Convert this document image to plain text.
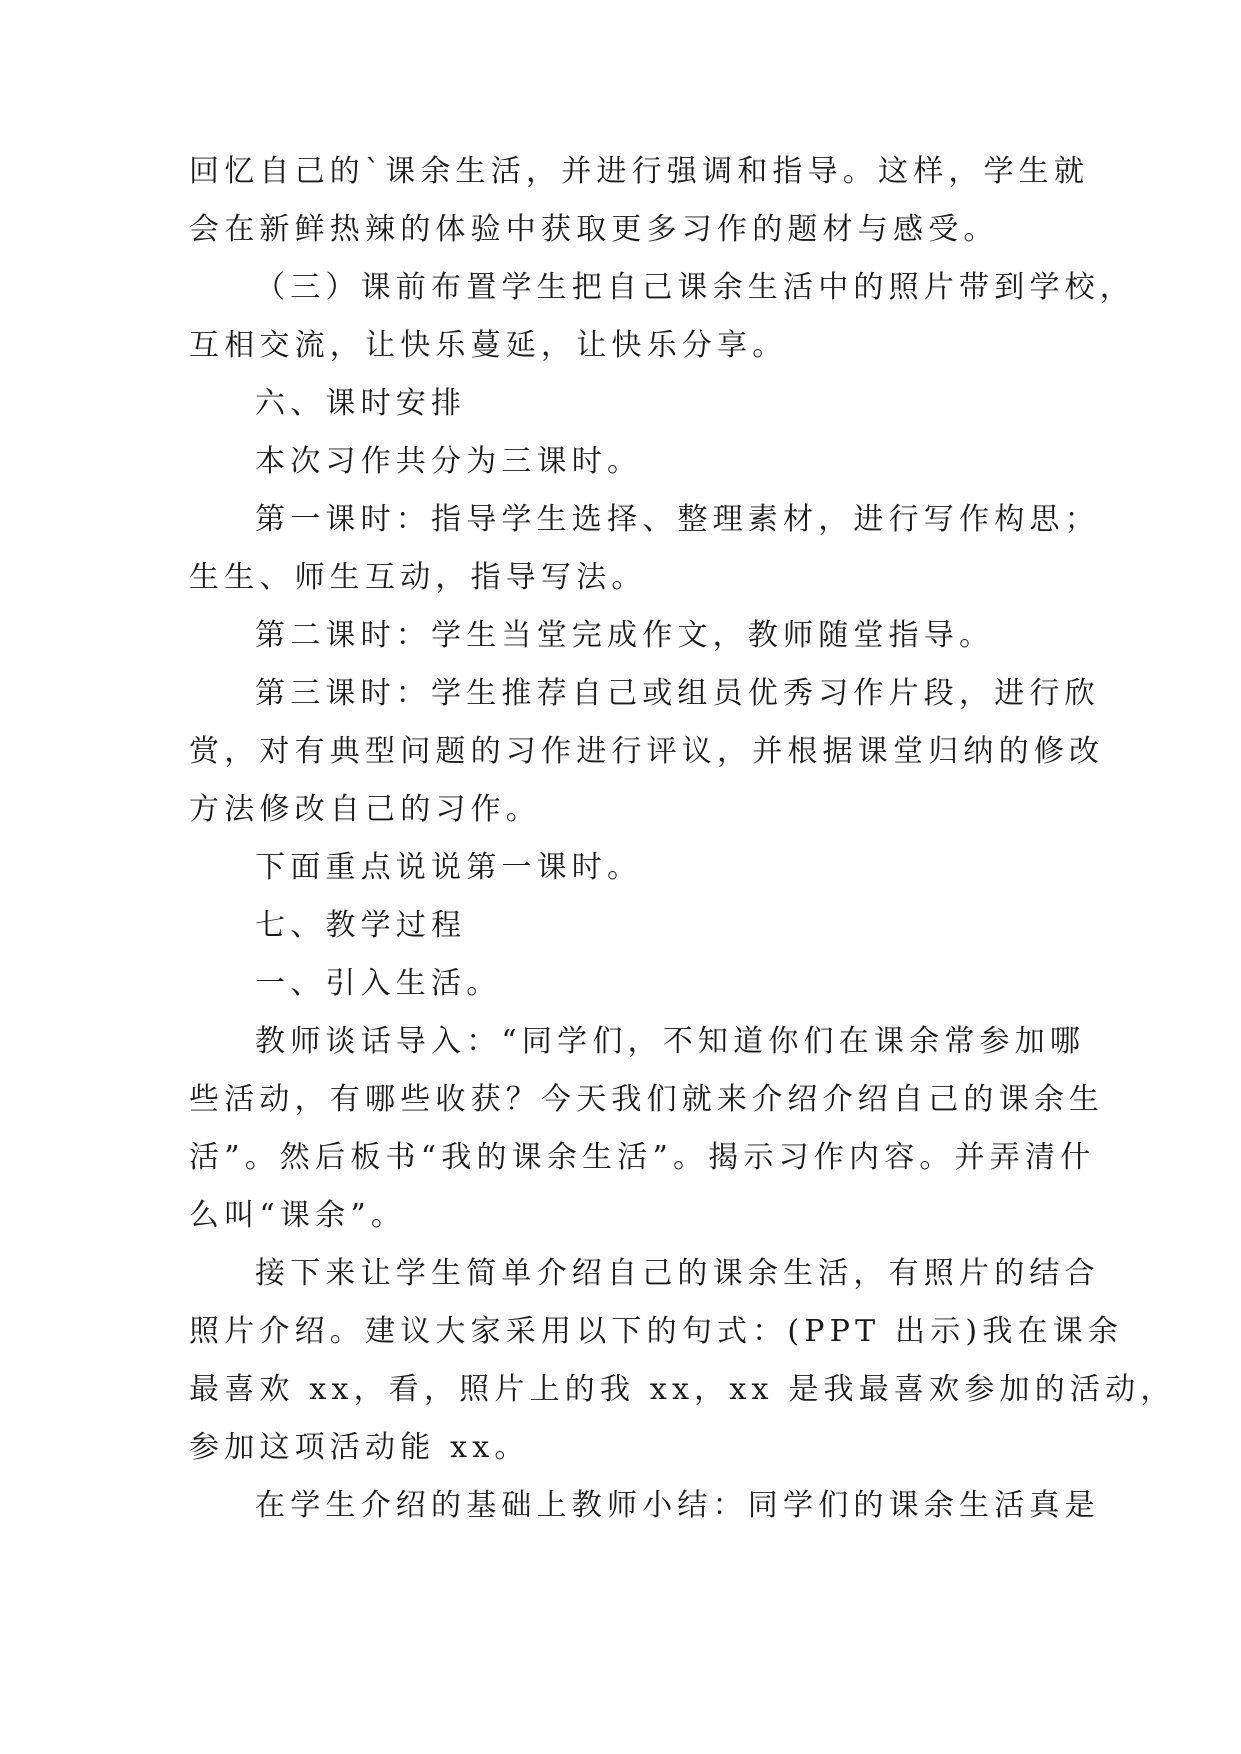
回忆自己的`课余生活，并进行强调和指导。这样，学生就
会在新鲜热辣的体验中获取更多习作的题材与感受。
（三）课前布置学生把自己课余生活中的照片带到学校，
互相交流，让快乐蔓延，让快乐分享。
六、课时安排
本次习作共分为三课时。
第一课时：指导学生选择、整理素材，进行写作构思；
生生、师生互动，指导写法。
第二课时：学生当堂完成作文，教师随堂指导。
第三课时：学生推荐自己或组员优秀习作片段，进行欣
赏，对有典型问题的习作进行评议，并根据课堂归纳的修改
方法修改自己的习作。
下面重点说说第一课时。
七、教学过程
一、引入生活。
教师谈话导入：“同学们，不知道你们在课余常参加哪
些活动，有哪些收获？今天我们就来介绍介绍自己的课余生
活”。然后板书“我的课余生活”。揭示习作内容。并弄清什
么叫“课余”。
接下来让学生简单介绍自己的课余生活，有照片的结合
照片介绍。建议大家采用以下的句式：(PPT 出示)我在课余
最喜欢 xx，看，照片上的我 xx，xx 是我最喜欢参加的活动，
参加这项活动能 xx。
在学生介绍的基础上教师小结：同学们的课余生活真是
